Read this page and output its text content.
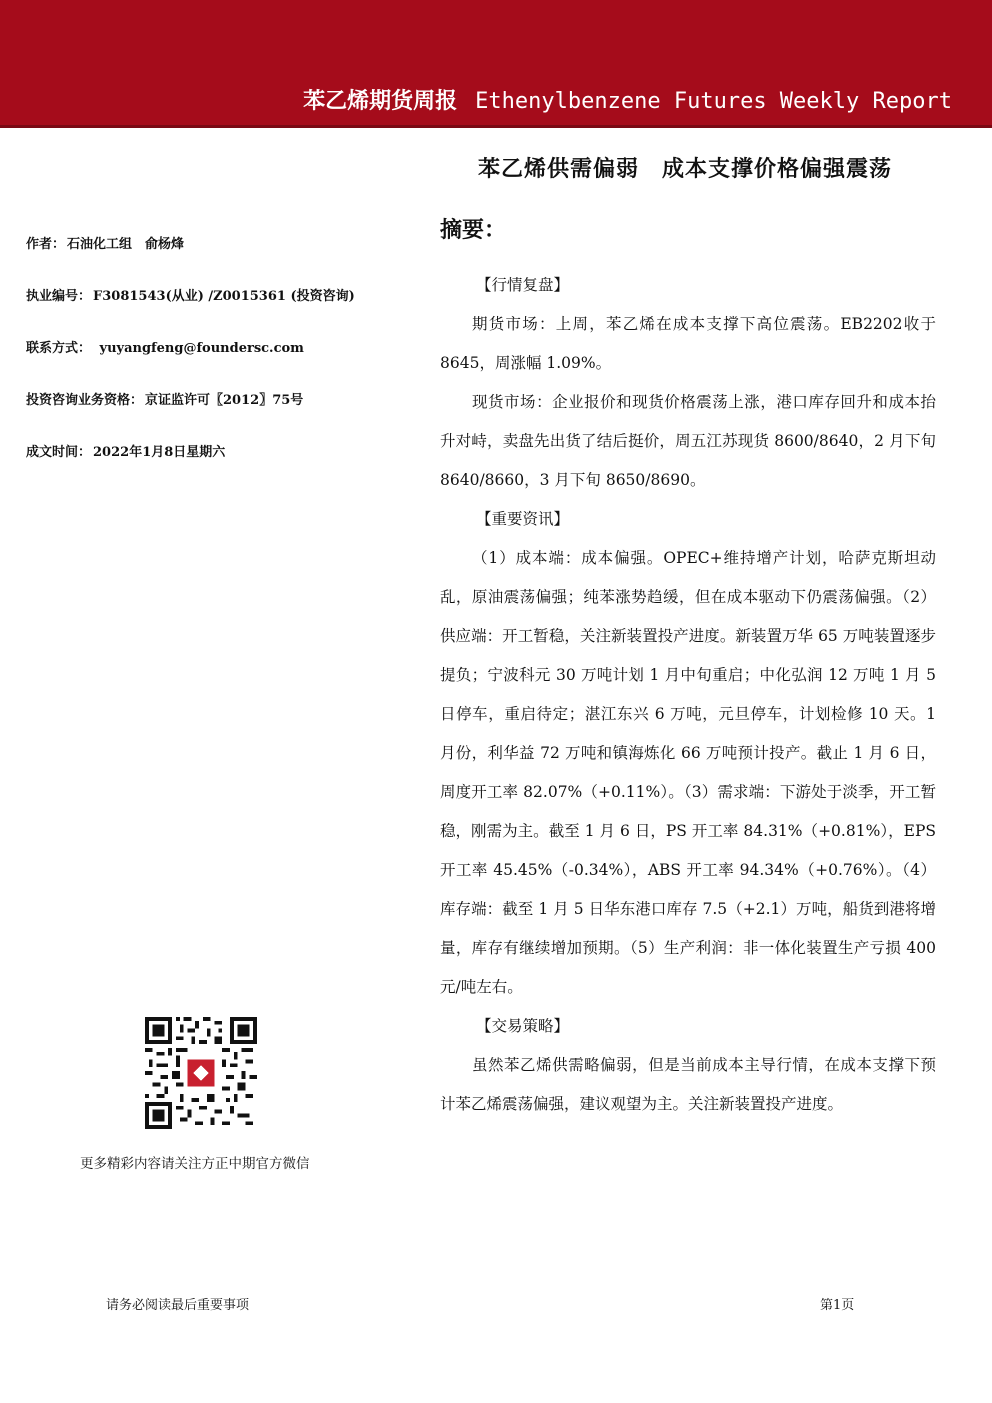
苯乙烯期货周报 Ethenylbenzene Futures Weekly Report
苯乙烯供需偏弱　成本支撑价格偏强震荡
摘要：
作者： 石油化工组　俞杨烽
执业编号： F3081543(从业) /Z0015361 (投资咨询)
联系方式：　yuyangfeng@foundersc.com
投资咨询业务资格： 京证监许可〖2012〗75号
成文时间： 2022年1月8日星期六

【行情复盘】

期货市场：上周，苯乙烯在成本支撑下高位震荡。EB2202收于 8645，周涨幅 1.09%。

现货市场：企业报价和现货价格震荡上涨，港口库存回升和成本抬升对峙，卖盘先出货了结后挺价，周五江苏现货 8600/8640，2 月下旬 8640/8660，3 月下旬 8650/8690。

【重要资讯】

（1）成本端：成本偏强。OPEC+维持增产计划，哈萨克斯坦动乱，原油震荡偏强；纯苯涨势趋缓，但在成本驱动下仍震荡偏强。（2）供应端：开工暂稳，关注新装置投产进度。新装置万华 65 万吨装置逐步提负；宁波科元 30 万吨计划 1 月中旬重启；中化弘润 12 万吨 1 月 5 日停车，重启待定；湛江东兴 6 万吨，元旦停车，计划检修 10 天。1 月份，利华益 72 万吨和镇海炼化 66 万吨预计投产。截止 1 月 6 日，周度开工率 82.07%（+0.11%）。（3）需求端：下游处于淡季，开工暂稳，刚需为主。截至 1 月 6 日，PS 开工率 84.31%（+0.81%），EPS 开工率 45.45%（-0.34%），ABS 开工率 94.34%（+0.76%）。（4）库存端：截至 1 月 5 日华东港口库存 7.5（+2.1）万吨，船货到港将增量，库存有继续增加预期。（5）生产利润：非一体化装置生产亏损 400 元/吨左右。

【交易策略】

虽然苯乙烯供需略偏弱，但是当前成本主导行情，在成本支撑下预计苯乙烯震荡偏强，建议观望为主。关注新装置投产进度。

更多精彩内容请关注方正中期官方微信
请务必阅读最后重要事项	第1页
